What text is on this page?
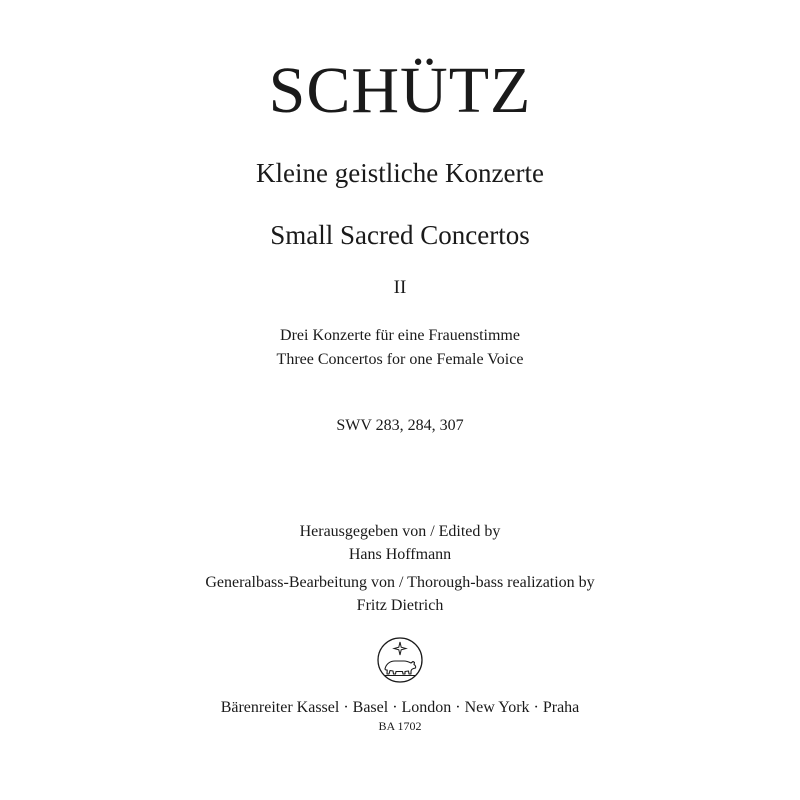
SCHÜTZ
Kleine geistliche Konzerte
Small Sacred Concertos
II
Drei Konzerte für eine Frauenstimme
Three Concertos for one Female Voice
SWV 283, 284, 307
Herausgegeben von / Edited by
Hans Hoffmann
Generalbass-Bearbeitung von / Thorough-bass realization by
Fritz Dietrich
Bärenreiter Kassel · Basel · London · New York · Praha
BA 1702
